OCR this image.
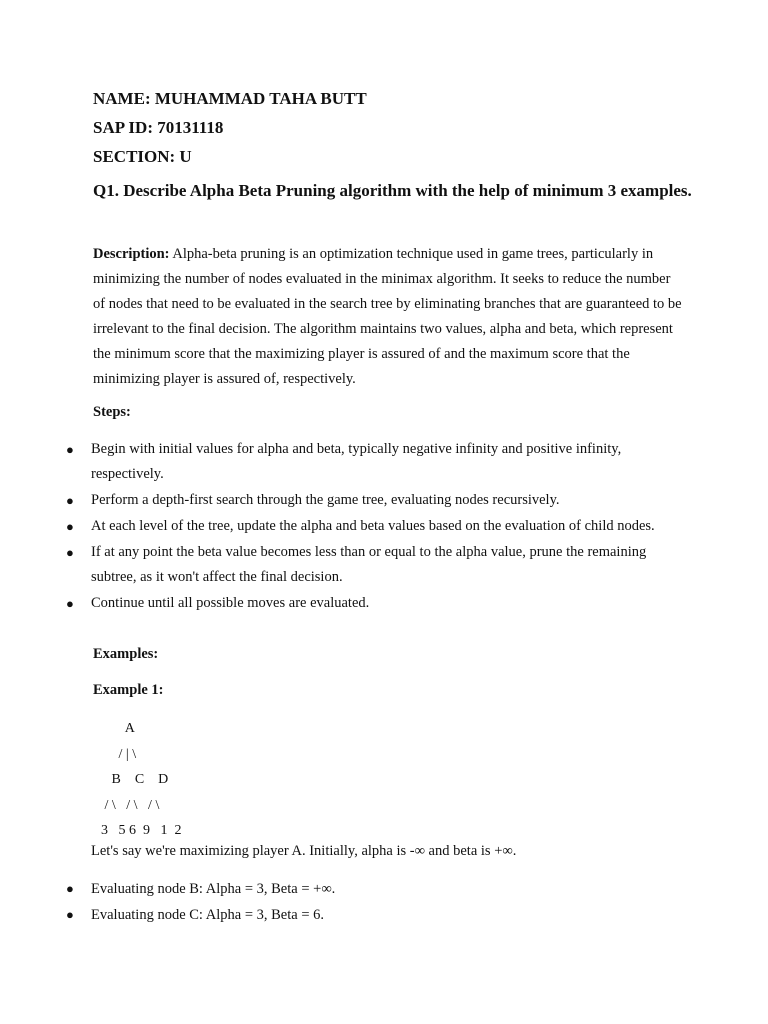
NAME: MUHAMMAD TAHA BUTT
SAP ID: 70131118
SECTION: U
Q1. Describe Alpha Beta Pruning algorithm with the help of minimum 3 examples.
Description: Alpha-beta pruning is an optimization technique used in game trees, particularly in minimizing the number of nodes evaluated in the minimax algorithm. It seeks to reduce the number of nodes that need to be evaluated in the search tree by eliminating branches that are guaranteed to be irrelevant to the final decision. The algorithm maintains two values, alpha and beta, which represent the minimum score that the maximizing player is assured of and the maximum score that the minimizing player is assured of, respectively.
Steps:
● Begin with initial values for alpha and beta, typically negative infinity and positive infinity, respectively.
● Perform a depth-first search through the game tree, evaluating nodes recursively.
● At each level of the tree, update the alpha and beta values based on the evaluation of child nodes.
● If at any point the beta value becomes less than or equal to the alpha value, prune the remaining subtree, as it won't affect the final decision.
● Continue until all possible moves are evaluated.
Examples:
Example 1:
A
/ | \
B    C    D
/ \   / \   / \
3   5 6  9   1  2
Let's say we're maximizing player A. Initially, alpha is -∞ and beta is +∞.
● Evaluating node B: Alpha = 3, Beta = +∞.
● Evaluating node C: Alpha = 3, Beta = 6.
